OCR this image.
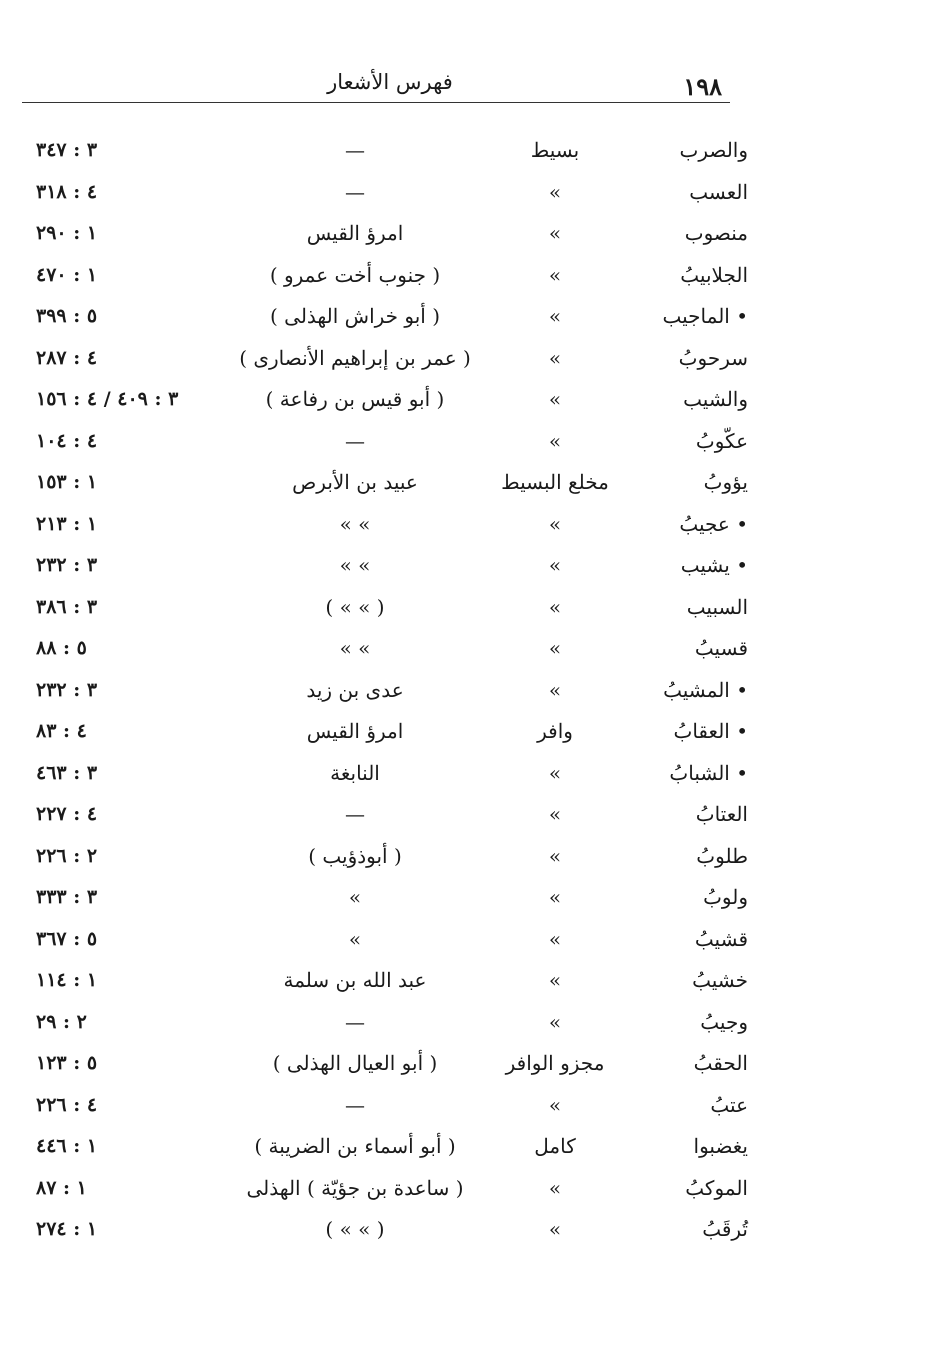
١٩٨
فهرس الأشعار
والصرب
بسيط
—
٣ : ٣٤٧
العسب
»
—
٤ : ٣١٨
منصوب
»
امرؤ القيس
١ : ٢٩٠
الجلابيبُ
»
( جنوب أخت عمرو )
١ : ٤٧٠
• الماجيب
»
( أبو خراش الهذلى )
٥ : ٣٩٩
سرحوبُ
»
( عمر بن إبراهيم الأنصارى )
٤ : ٢٨٧
والشيب
»
( أبو قيس بن رفاعة )
٣ : ٤٠٩ / ٤ : ١٥٦
عكّوبُ
»
—
٤ : ١٠٤
يؤوبُ
مخلع البسيط
عبيد بن الأبرص
١ : ١٥٣
• عجيبُ
»
» »
١ : ٢١٣
• يشيب
»
» »
٣ : ٢٣٢
السبيب
»
( » » )
٣ : ٣٨٦
قسيبُ
»
» »
٥ : ٨٨
• المشيبُ
»
عدى بن زيد
٣ : ٢٣٢
• العقابُ
وافر
امرؤ القيس
٤ : ٨٣
• الشبابُ
»
النابغة
٣ : ٤٦٣
العتابُ
»
—
٤ : ٢٢٧
طلوبُ
»
( أبوذؤيب )
٢ : ٢٢٦
ولوبُ
»
»
٣ : ٣٣٣
قشيبُ
»
»
٥ : ٣٦٧
خشيبُ
»
عبد الله بن سلمة
١ : ١١٤
وجيبُ
»
—
٢ : ٢٩
الحقبُ
مجزو الوافر
( أبو العيال الهذلى )
٥ : ١٢٣
عتبُ
»
—
٤ : ٢٢٦
يغضبوا
كامل
( أبو أسماء بن الضريبة )
١ : ٤٤٦
الموكبُ
»
( ساعدة بن جؤيّة ) الهذلى
١ : ٨٧
تُرقَبُ
»
( » » )
١ : ٢٧٤
